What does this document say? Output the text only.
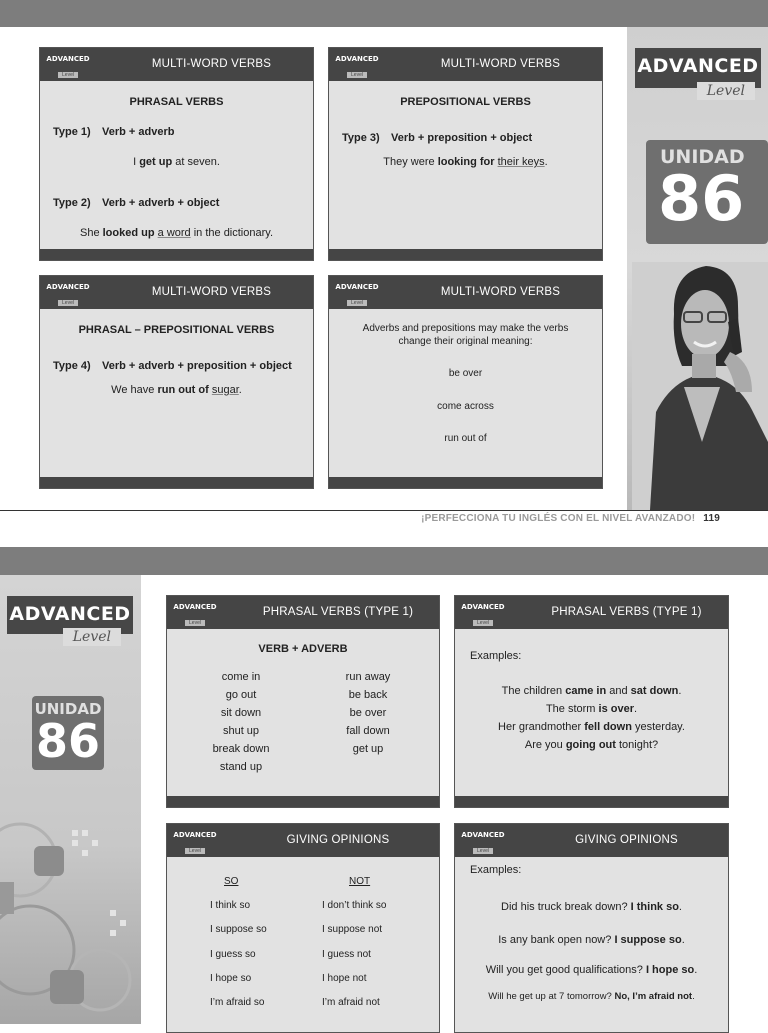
ADVANCED
Level
UNIDAD
86
ADVANCED
Level
MULTI-WORD VERBS
PHRASAL VERBS
Type 1) Verb + adverb
I get up at seven.
Type 2) Verb + adverb + object
She looked up a word in the dictionary.
ADVANCED
Level
MULTI-WORD VERBS
PREPOSITIONAL VERBS
Type 3) Verb + preposition + object
They were looking for their keys.
ADVANCED
Level
MULTI-WORD VERBS
PHRASAL – PREPOSITIONAL VERBS
Type 4) Verb + adverb + preposition + object
We have run out of sugar.
ADVANCED
Level
MULTI-WORD VERBS
Adverbs and prepositions may make the verbs
change their original meaning:
be over
come across
run out of
¡PERFECCIONA TU INGLÉS CON EL NIVEL AVANZADO! 119
ADVANCED
Level
UNIDAD
86
ADVANCED
Level
PHRASAL VERBS (TYPE 1)
VERB + ADVERB
come in
go out
sit down
shut up
break down
stand up
run away
be back
be over
fall down
get up
ADVANCED
Level
PHRASAL VERBS (TYPE 1)
Examples:
The children came in and sat down.
The storm is over.
Her grandmother fell down yesterday.
Are you going out tonight?
ADVANCED
Level
GIVING OPINIONS
SO	NOT
I think so
I suppose so
I guess so
I hope so
I’m afraid so
I don’t think so
I suppose not
I guess not
I hope not
I’m afraid not
ADVANCED
Level
GIVING OPINIONS
Examples:
Did his truck break down? I think so.
Is any bank open now? I suppose so.
Will you get good qualifications? I hope so.
Will he get up at 7 tomorrow? No, I’m afraid not.
